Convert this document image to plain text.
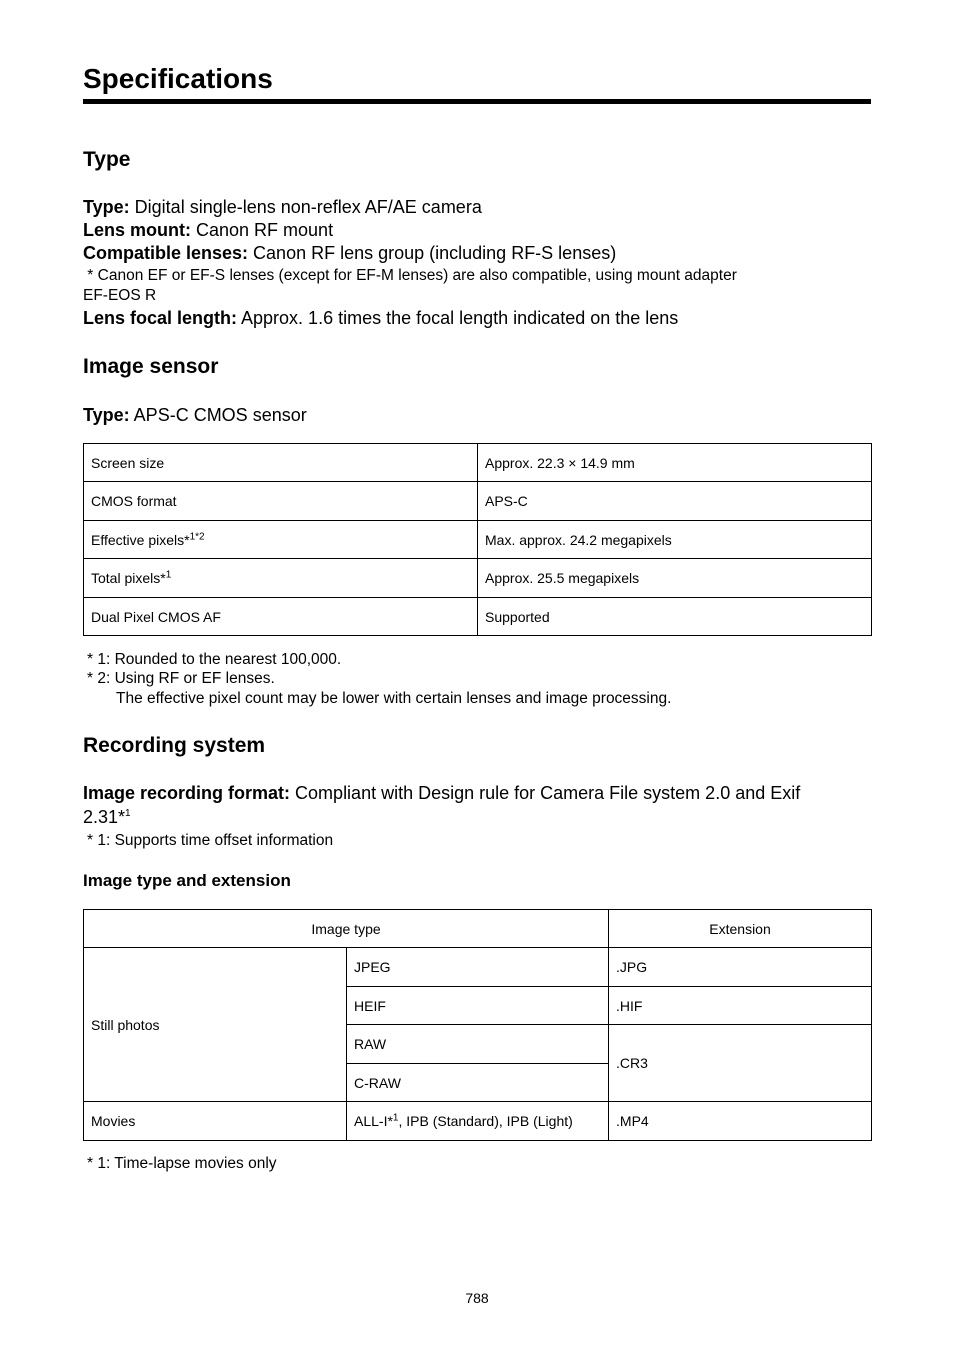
Specifications
Type

Type: Digital single-lens non-reflex AF/AE camera

Lens mount: Canon RF mount

Compatible lenses: Canon RF lens group (including RF-S lenses)

* Canon EF or EF-S lenses (except for EF-M lenses) are also compatible, using mount adapter

EF-EOS R

Lens focal length: Approx. 1.6 times the focal length indicated on the lens

Image sensor

Type: APS-C CMOS sensor

Screen size	Approx. 22.3 × 14.9 mm
CMOS format	APS-C
Effective pixels*$^{1*2}$	Max. approx. 24.2 megapixels
Total pixels*$^1$	Approx. 25.5 megapixels
Dual Pixel CMOS AF	Supported

* 1: Rounded to the nearest 100,000.

* 2: Using RF or EF lenses.

The effective pixel count may be lower with certain lenses and image processing.

Recording system

Image recording format: Compliant with Design rule for Camera File system 2.0 and Exif

2.31*$^1$

* 1: Supports time offset information

Image type and extension
Image type		Extension
Still photos	JPEG	.JPG
	HEIF	.HIF
	RAW	.CR3
	C-RAW	
Movies	ALL-I*$^1$, IPB (Standard), IPB (Light)	.MP4

* 1: Time-lapse movies only

788
